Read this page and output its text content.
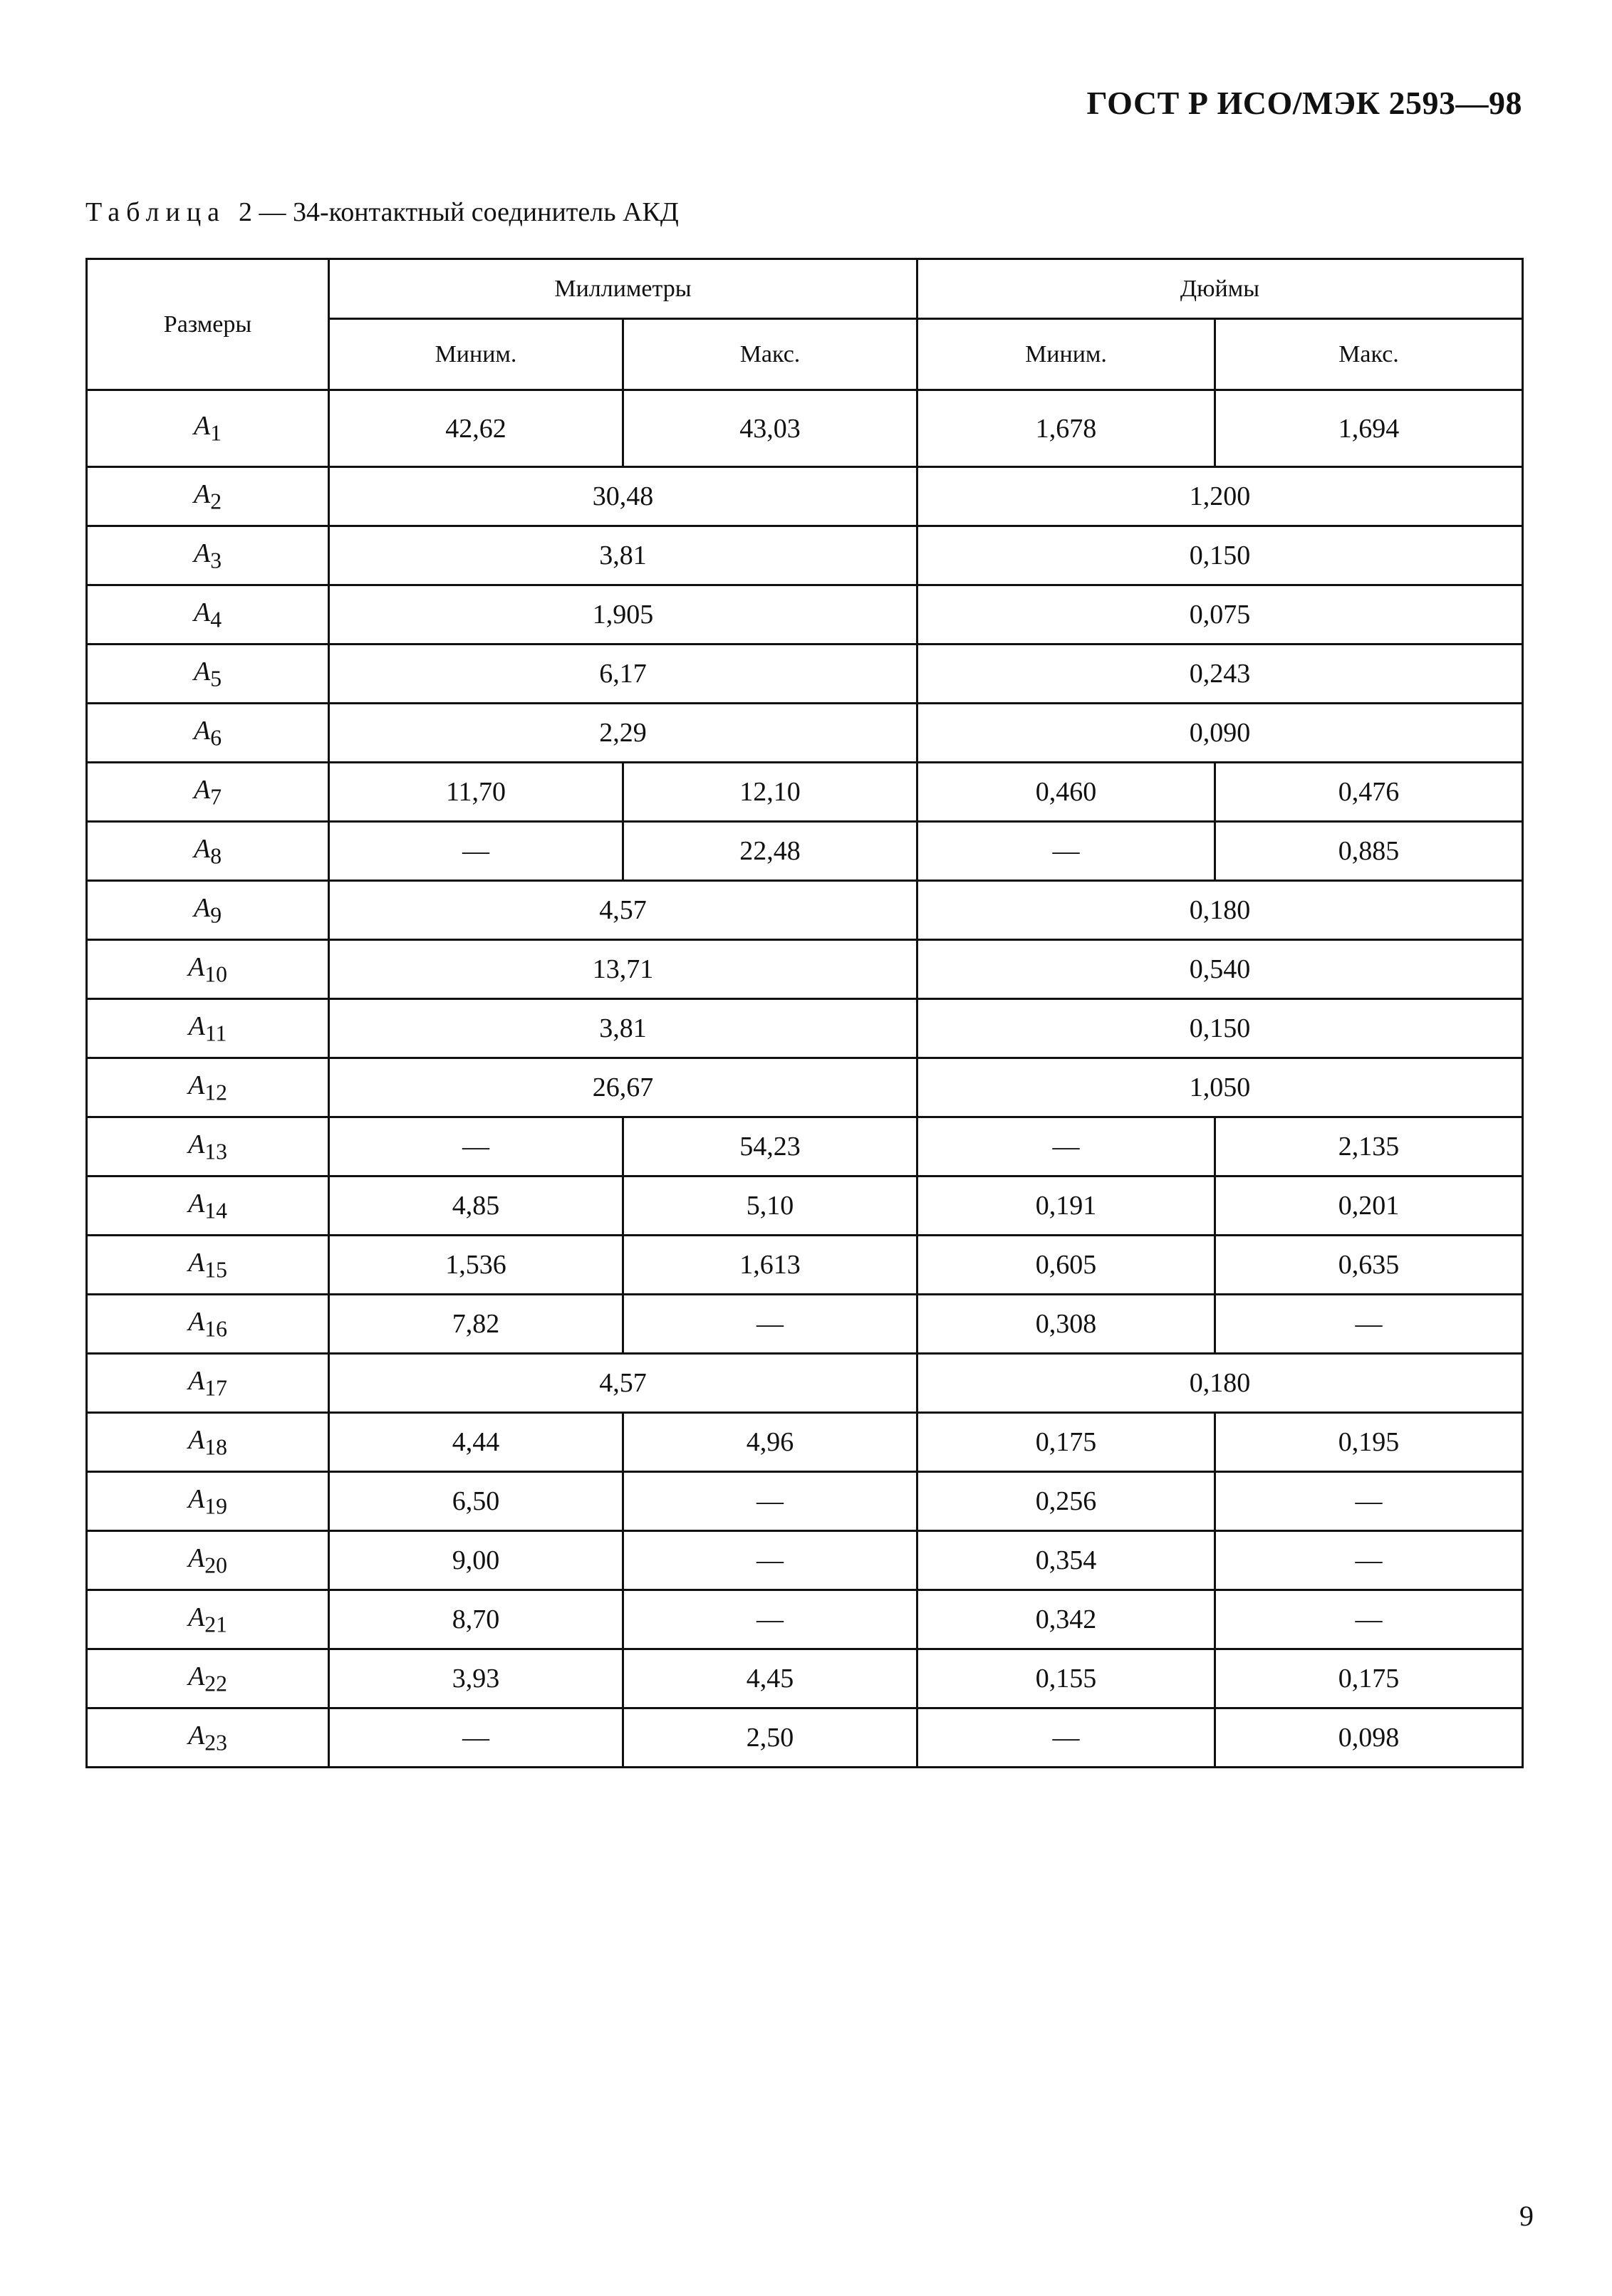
ГОСТ Р ИСО/МЭК 2593—98
Таблица 2 — 34-контактный соединитель АКД
Размеры	Миллиметры		Дюймы	
	Миним.	Макс.	Миним.	Макс.
$A_1$	42,62	43,03	1,678	1,694
$A_2$	30,48		1,200	
$A_3$	3,81		0,150	
$A_4$	1,905		0,075	
$A_5$	6,17		0,243	
$A_6$	2,29		0,090	
$A_7$	11,70	12,10	0,460	0,476
$A_8$	—	22,48	—	0,885
$A_9$	4,57		0,180	
$A_{10}$	13,71		0,540	
$A_{11}$	3,81		0,150	
$A_{12}$	26,67		1,050	
$A_{13}$	—	54,23	—	2,135
$A_{14}$	4,85	5,10	0,191	0,201
$A_{15}$	1,536	1,613	0,605	0,635
$A_{16}$	7,82	—	0,308	—
$A_{17}$	4,57		0,180	
$A_{18}$	4,44	4,96	0,175	0,195
$A_{19}$	6,50	—	0,256	—
$A_{20}$	9,00	—	0,354	—
$A_{21}$	8,70	—	0,342	—
$A_{22}$	3,93	4,45	0,155	0,175
$A_{23}$	—	2,50	—	0,098
9
